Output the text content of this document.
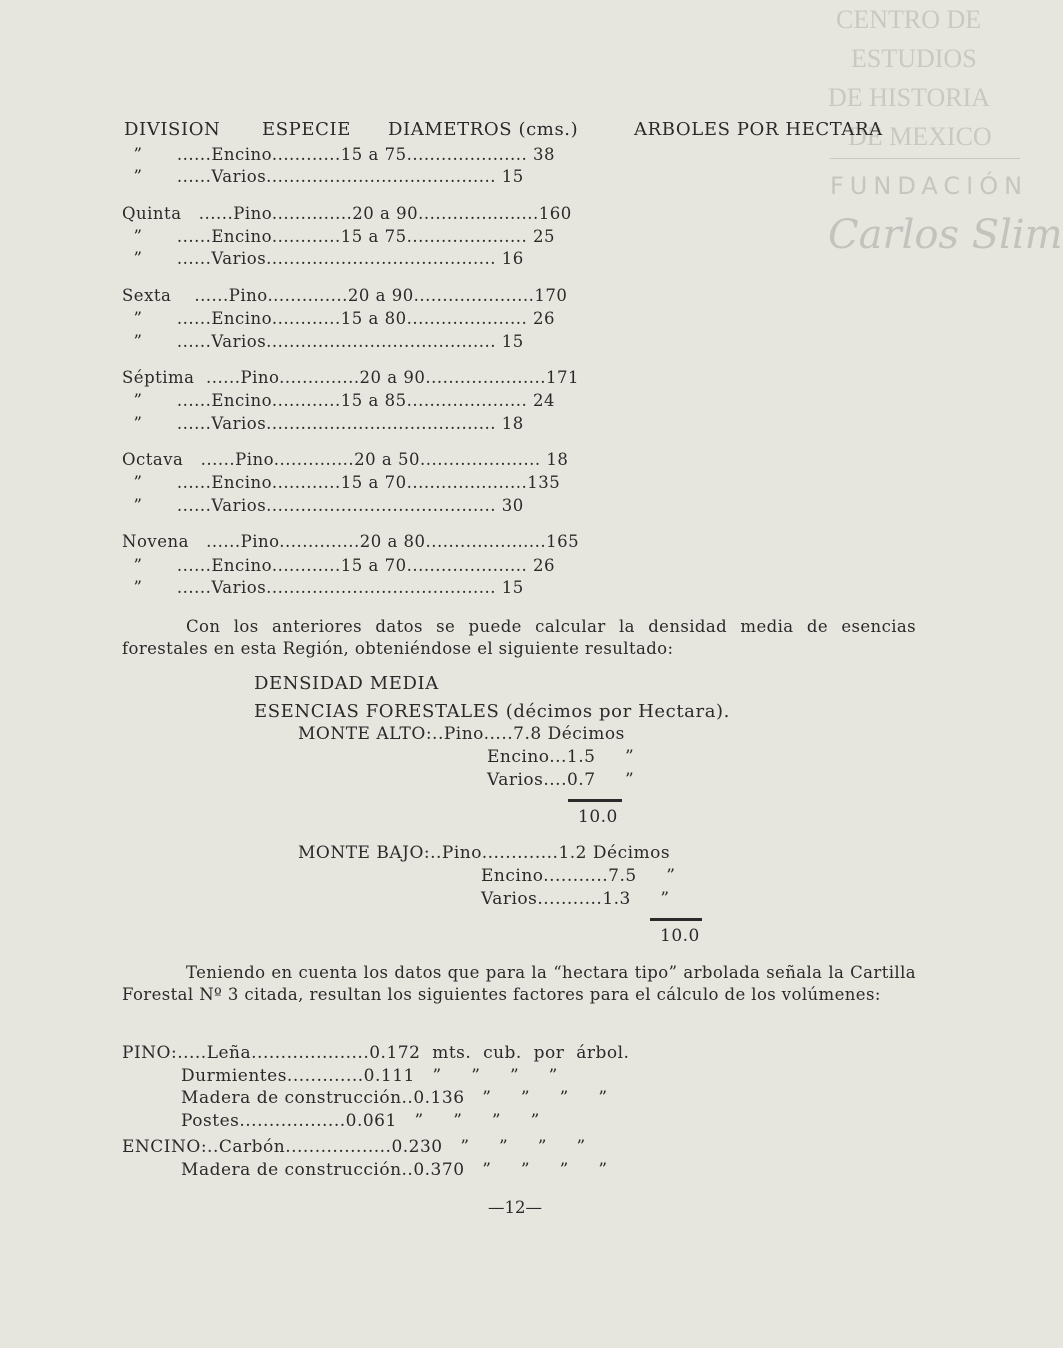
CENTRO DE
ESTUDIOS
DE HISTORIA
DE MEXICO
FUNDACIÓN
Carlos Slim
DIVISION ESPECIE DIAMETROS (cms.)	ARBOLES POR HECTARA
”      ......Encino............15 a 75..................... 38
”      ......Varios........................................ 15
Quinta   ......Pino..............20 a 90.....................160
”      ......Encino............15 a 75..................... 25
”      ......Varios........................................ 16
Sexta    ......Pino..............20 a 90.....................170
”      ......Encino............15 a 80..................... 26
”      ......Varios........................................ 15
Séptima  ......Pino..............20 a 90.....................171
”      ......Encino............15 a 85..................... 24
”      ......Varios........................................ 18
Octava   ......Pino..............20 a 50..................... 18
”      ......Encino............15 a 70.....................135
”      ......Varios........................................ 30
Novena   ......Pino..............20 a 80.....................165
”      ......Encino............15 a 70..................... 26
”      ......Varios........................................ 15
Con los anteriores datos se puede calcular la densidad media de esencias forestales en esta Región, obteniéndose el siguiente resultado:
DENSIDAD MEDIA
ESENCIAS FORESTALES (décimos por Hectara).
MONTE ALTO:..Pino.....7.8 Décimos
Encino...1.5     ”
Varios....0.7     ”
10.0
MONTE BAJO:..Pino.............1.2 Décimos
Encino...........7.5     ”
Varios...........1.3     ”
10.0
Teniendo en cuenta los datos que para la “hectara tipo” arbolada señala la Cartilla Forestal Nº 3 citada, resultan los siguientes factores para el cálculo de los volúmenes:
PINO:.....Leña....................0.172  mts.  cub.  por  árbol.
Durmientes.............0.111   ”     ”     ”     ”
Madera de construcción..0.136   ”     ”     ”     ”
Postes..................0.061   ”     ”     ”     ”
ENCINO:..Carbón..................0.230   ”     ”     ”     ”
Madera de construcción..0.370   ”     ”     ”     ”
—12—
